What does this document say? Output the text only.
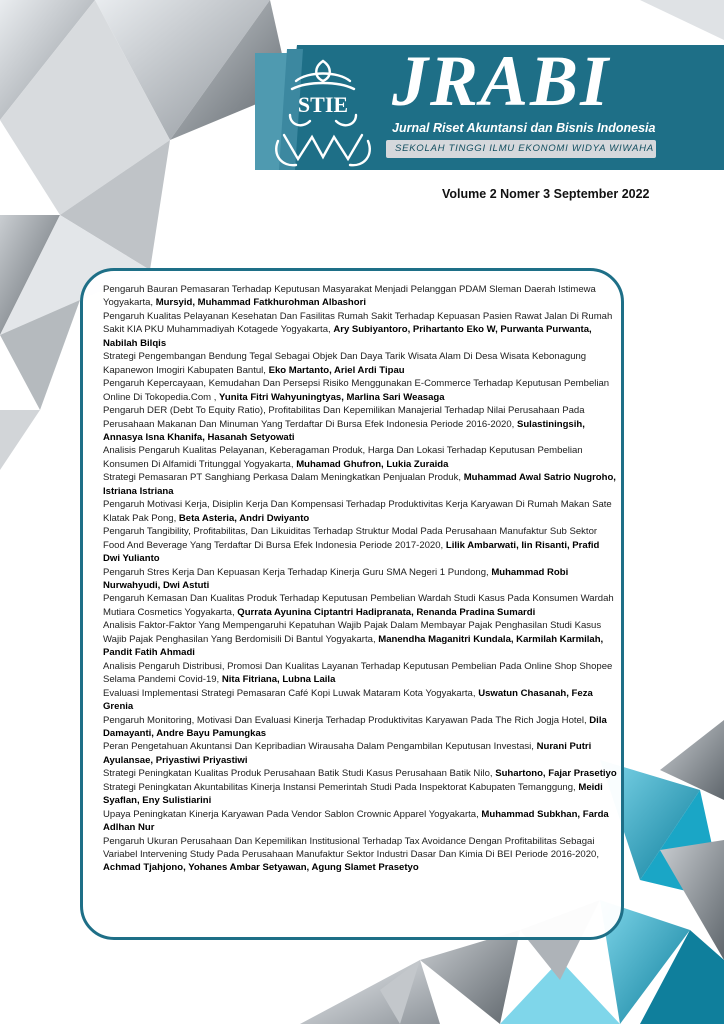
STIE JRABI
Jurnal Riset Akuntansi dan Bisnis Indonesia
SEKOLAH TINGGI ILMU EKONOMI WIDYA WIWAHA
Volume 2 Nomer 3 September 2022
Pengaruh Bauran Pemasaran Terhadap Keputusan Masyarakat Menjadi Pelanggan PDAM Sleman Daerah Istimewa Yogyakarta, Mursyid, Muhammad Fatkhurohman Albashori
Pengaruh Kualitas Pelayanan Kesehatan Dan Fasilitas Rumah Sakit Terhadap Kepuasan Pasien Rawat Jalan Di Rumah Sakit KIA PKU Muhammadiyah Kotagede Yogyakarta, Ary Subiyantoro, Prihartanto Eko W, Purwanta Purwanta, Nabilah Bilqis
Strategi Pengembangan Bendung Tegal Sebagai Objek Dan Daya Tarik Wisata Alam Di Desa Wisata Kebonagung Kapanewon Imogiri Kabupaten Bantul, Eko Martanto, Ariel Ardi Tipau
Pengaruh Kepercayaan, Kemudahan Dan Persepsi Risiko Menggunakan E-Commerce Terhadap Keputusan Pembelian Online Di Tokopedia.Com , Yunita Fitri Wahyuningtyas, Marlina Sari Weasaga
Pengaruh DER (Debt To Equity Ratio), Profitabilitas Dan Kepemilikan Manajerial Terhadap Nilai Perusahaan Pada Perusahaan Makanan Dan Minuman Yang Terdaftar Di Bursa Efek Indonesia Periode 2016-2020, Sulastiningsih, Annasya Isna Khanifa, Hasanah Setyowati
Analisis Pengaruh Kualitas Pelayanan, Keberagaman Produk, Harga Dan Lokasi Terhadap Keputusan Pembelian Konsumen Di Alfamidi Tritunggal Yogyakarta, Muhamad Ghufron, Lukia Zuraida
Strategi Pemasaran PT Sanghiang Perkasa Dalam Meningkatkan Penjualan Produk, Muhammad Awal Satrio Nugroho, Istriana Istriana
Pengaruh Motivasi Kerja, Disiplin Kerja Dan Kompensasi Terhadap Produktivitas Kerja Karyawan Di Rumah Makan Sate Klatak Pak Pong, Beta Asteria, Andri Dwiyanto
Pengaruh Tangibility, Profitabilitas, Dan Likuiditas Terhadap Struktur Modal Pada Perusahaan Manufaktur Sub Sektor Food And Beverage Yang Terdaftar Di Bursa Efek Indonesia Periode 2017-2020, Lilik Ambarwati, Iin Risanti, Prafid Dwi Yulianto
Pengaruh Stres Kerja Dan Kepuasan Kerja Terhadap Kinerja Guru SMA Negeri 1 Pundong, Muhammad Robi Nurwahyudi, Dwi Astuti
Pengaruh Kemasan Dan Kualitas Produk Terhadap Keputusan Pembelian Wardah Studi Kasus Pada Konsumen Wardah Mutiara Cosmetics Yogyakarta, Qurrata Ayunina Ciptantri Hadipranata, Renanda Pradina Sumardi
Analisis Faktor-Faktor Yang Mempengaruhi Kepatuhan Wajib Pajak Dalam Membayar Pajak Penghasilan Studi Kasus Wajib Pajak Penghasilan Yang Berdomisili Di Bantul Yogyakarta, Manendha Maganitri Kundala, Karmilah Karmilah, Pandit Fatih Ahmadi
Analisis Pengaruh Distribusi, Promosi Dan Kualitas Layanan Terhadap Keputusan Pembelian Pada Online Shop Shopee Selama Pandemi Covid-19, Nita Fitriana, Lubna Laila
Evaluasi Implementasi Strategi Pemasaran Café Kopi Luwak Mataram Kota Yogyakarta, Uswatun Chasanah, Feza Grenia
Pengaruh Monitoring, Motivasi Dan Evaluasi Kinerja Terhadap Produktivitas Karyawan Pada The Rich Jogja Hotel, Dila Damayanti, Andre Bayu Pamungkas
Peran Pengetahuan Akuntansi Dan Kepribadian Wirausaha Dalam Pengambilan Keputusan Investasi, Nurani Putri Ayulansae, Priyastiwi Priyastiwi
Strategi Peningkatan Kualitas Produk Perusahaan Batik Studi Kasus Perusahaan Batik Nilo, Suhartono, Fajar Prasetiyo
Strategi Peningkatan Akuntabilitas Kinerja Instansi Pemerintah Studi Pada Inspektorat Kabupaten Temanggung, Meidi Syaflan, Eny Sulistiarini
Upaya Peningkatan Kinerja Karyawan Pada Vendor Sablon Crownic Apparel Yogyakarta, Muhammad Subkhan, Farda Adlhan Nur
Pengaruh Ukuran Perusahaan Dan Kepemilikan Institusional Terhadap Tax Avoidance Dengan Profitabilitas Sebagai Variabel Intervening Study Pada Perusahaan Manufaktur Sektor Industri Dasar Dan Kimia Di BEI Periode 2016-2020, Achmad Tjahjono, Yohanes Ambar Setyawan, Agung Slamet Prasetyo
